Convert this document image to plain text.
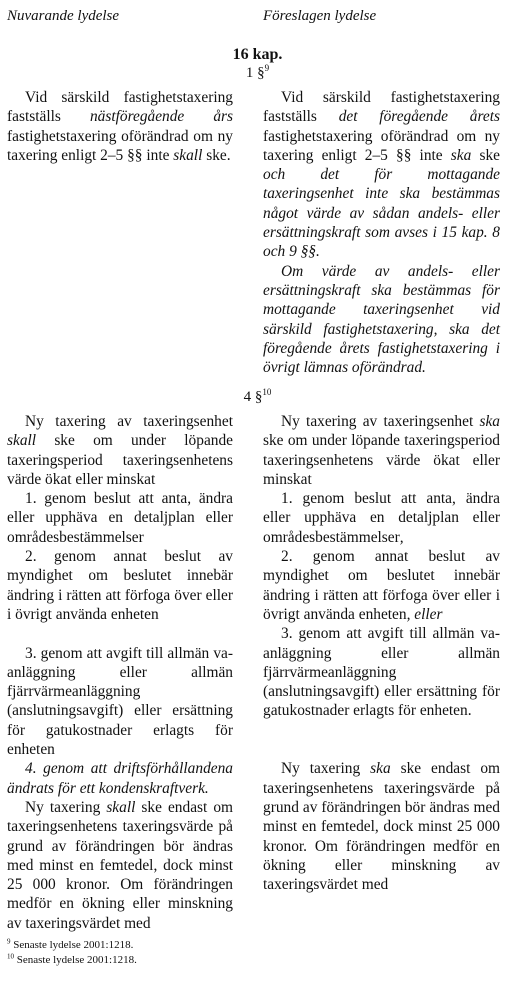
Nuvarande lydelse	Föreslagen lydelse
16 kap.
1 §$^9$

Vid särskild fastighetstaxering fastställs nästföregående års fastighetstaxering oförändrad om ny taxering enligt 2–5 §§ inte skall ske.

Vid särskild fastighetstaxering fastställs det föregående årets fastighetstaxering oförändrad om ny taxering enligt 2–5 §§ inte ska ske och det för mottagande taxeringsenhet inte ska bestämmas något värde av sådan andels- eller ersättningskraft som avses i 15 kap. 8 och 9 §§.

Om värde av andels- eller ersättningskraft ska bestämmas för mottagande taxeringsenhet vid särskild fastighetstaxering, ska det föregående årets fastighetstaxering i övrigt lämnas oförändrad.

4 §$^{10}$

Ny taxering av taxeringsenhet skall ske om under löpande taxeringsperiod taxeringsenhetens värde ökat eller minskat

1. genom beslut att anta, ändra eller upphäva en detaljplan eller områdesbestämmelser

2. genom annat beslut av myndighet om beslutet innebär ändring i rätten att förfoga över eller i övrigt använda enheten

3. genom att avgift till allmän va-anläggning eller allmän fjärrvärmeanläggning (anslutningsavgift) eller ersättning för gatukostnader erlagts för enheten

4. genom att driftsförhållandena ändrats för ett kondenskraftverk.

Ny taxering skall ske endast om taxeringsenhetens taxeringsvärde på grund av förändringen bör ändras med minst en femtedel, dock minst 25 000 kronor. Om förändringen medför en ökning eller minskning av taxeringsvärdet med

Ny taxering av taxeringsenhet ska ske om under löpande taxeringsperiod taxeringsenhetens värde ökat eller minskat

1. genom beslut att anta, ändra eller upphäva en detaljplan eller områdesbestämmelser,

2. genom annat beslut av myndighet om beslutet innebär ändring i rätten att förfoga över eller i övrigt använda enheten, eller

3. genom att avgift till allmän va-anläggning eller allmän fjärrvärmeanläggning (anslutningsavgift) eller ersättning för gatukostnader erlagts för enheten.

Ny taxering ska ske endast om taxeringsenhetens taxeringsvärde på grund av förändringen bör ändras med minst en femtedel, dock minst 25 000 kronor. Om förändringen medför en ökning eller minskning av taxeringsvärdet med

$^9$ Senaste lydelse 2001:1218.
$^{10}$ Senaste lydelse 2001:1218.
